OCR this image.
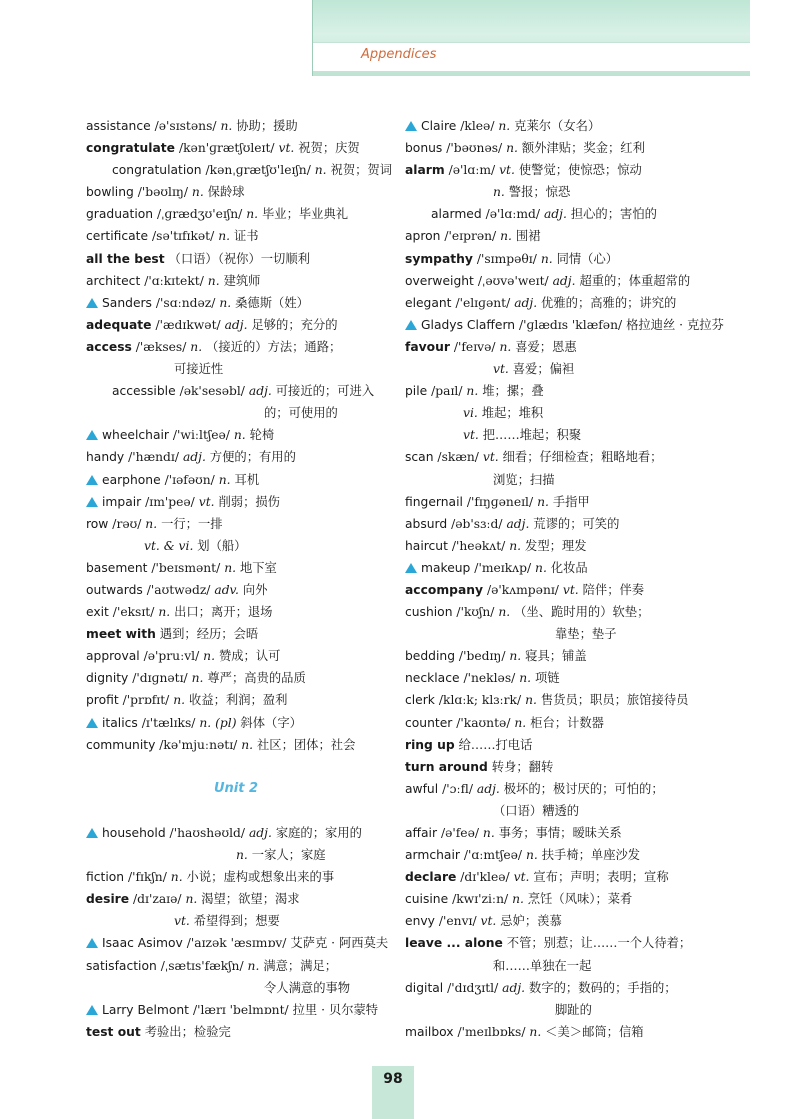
Appendices
assistance /ə'sɪstəns/ n. 协助；援助
congratulate /kən'ɡrætʃʊleɪt/ vt. 祝贺；庆贺
congratulation /kənˌɡrætʃʊ'leɪʃn/ n. 祝贺；贺词
bowling /'bəʊlɪŋ/ n. 保龄球
graduation /ˌɡrædʒʊ'eɪʃn/ n. 毕业；毕业典礼
certificate /sə'tɪfɪkət/ n. 证书
all the best （口语）（祝你）一切顺利
architect /'ɑːkɪtekt/ n. 建筑师
Sanders /'sɑːndəz/ n. 桑德斯（姓）
adequate /'ædɪkwət/ adj. 足够的；充分的
access /'ækses/ n. （接近的）方法；通路；
可接近性
accessible /ək'sesəbl/ adj. 可接近的；可进入
的；可使用的
wheelchair /'wiːltʃeə/ n. 轮椅
handy /'hændɪ/ adj. 方便的；有用的
earphone /'ɪəfəʊn/ n. 耳机
impair /ɪm'peə/ vt. 削弱；损伤
row /rəʊ/ n. 一行；一排
vt. & vi. 划（船）
basement /'beɪsmənt/ n. 地下室
outwards /'aʊtwədz/ adv. 向外
exit /'eksɪt/ n. 出口；离开；退场
meet with 遇到；经历；会晤
approval /ə'pruːvl/ n. 赞成；认可
dignity /'dɪɡnətɪ/ n. 尊严；高贵的品质
profit /'prɒfɪt/ n. 收益；利润；盈利
italics /ɪ'tælɪks/ n. (pl) 斜体（字）
community /kə'mjuːnətɪ/ n. 社区；团体；社会
Unit 2
household /'haʊshəʊld/ adj. 家庭的；家用的
n. 一家人；家庭
fiction /'fɪkʃn/ n. 小说；虚构或想象出来的事
desire /dɪ'zaɪə/ n. 渴望；欲望；渴求
vt. 希望得到；想要
Isaac Asimov /'aɪzək 'æsɪmɒv/ 艾萨克 · 阿西莫夫
satisfaction /ˌsætɪs'fækʃn/ n. 满意；满足；
令人满意的事物
Larry Belmont /'lærɪ 'belmɒnt/ 拉里 · 贝尔蒙特
test out 考验出；检验完
Claire /kleə/ n. 克莱尔（女名）
bonus /'bəʊnəs/ n. 额外津贴；奖金；红利
alarm /ə'lɑːm/ vt. 使警觉；使惊恐；惊动
n. 警报；惊恐
alarmed /ə'lɑːmd/ adj. 担心的；害怕的
apron /'eɪprən/ n. 围裙
sympathy /'sɪmpəθɪ/ n. 同情（心）
overweight /ˌəʊvə'weɪt/ adj. 超重的；体重超常的
elegant /'elɪɡənt/ adj. 优雅的；高雅的；讲究的
Gladys Claffern /'ɡlædɪs 'klæfən/ 格拉迪丝 · 克拉芬
favour /'feɪvə/ n. 喜爱；恩惠
vt. 喜爱；偏袒
pile /paɪl/ n. 堆；摞；叠
vi. 堆起；堆积
vt. 把……堆起；积聚
scan /skæn/ vt. 细看；仔细检查；粗略地看；
浏览；扫描
fingernail /'fɪŋɡəneɪl/ n. 手指甲
absurd /əb'sɜːd/ adj. 荒谬的；可笑的
haircut /'heəkʌt/ n. 发型；理发
makeup /'meɪkʌp/ n. 化妆品
accompany /ə'kʌmpənɪ/ vt. 陪伴；伴奏
cushion /'kʊʃn/ n. （坐、跪时用的）软垫；
靠垫；垫子
bedding /'bedɪŋ/ n. 寝具；铺盖
necklace /'nekləs/ n. 项链
clerk /klɑːk; klɜːrk/ n. 售货员；职员；旅馆接待员
counter /'kaʊntə/ n. 柜台；计数器
ring up 给……打电话
turn around 转身；翻转
awful /'ɔːfl/ adj. 极坏的；极讨厌的；可怕的；
（口语）糟透的
affair /ə'feə/ n. 事务；事情；暧昧关系
armchair /'ɑːmtʃeə/ n. 扶手椅；单座沙发
declare /dɪ'kleə/ vt. 宣布；声明；表明；宣称
cuisine /kwɪ'ziːn/ n. 烹饪（风味）；菜肴
envy /'envɪ/ vt. 忌妒；羡慕
leave ... alone 不管；别惹；让……一个人待着；
和……单独在一起
digital /'dɪdʒɪtl/ adj. 数字的；数码的；手指的；
脚趾的
mailbox /'meɪlbɒks/ n. ＜美＞邮筒；信箱
98
